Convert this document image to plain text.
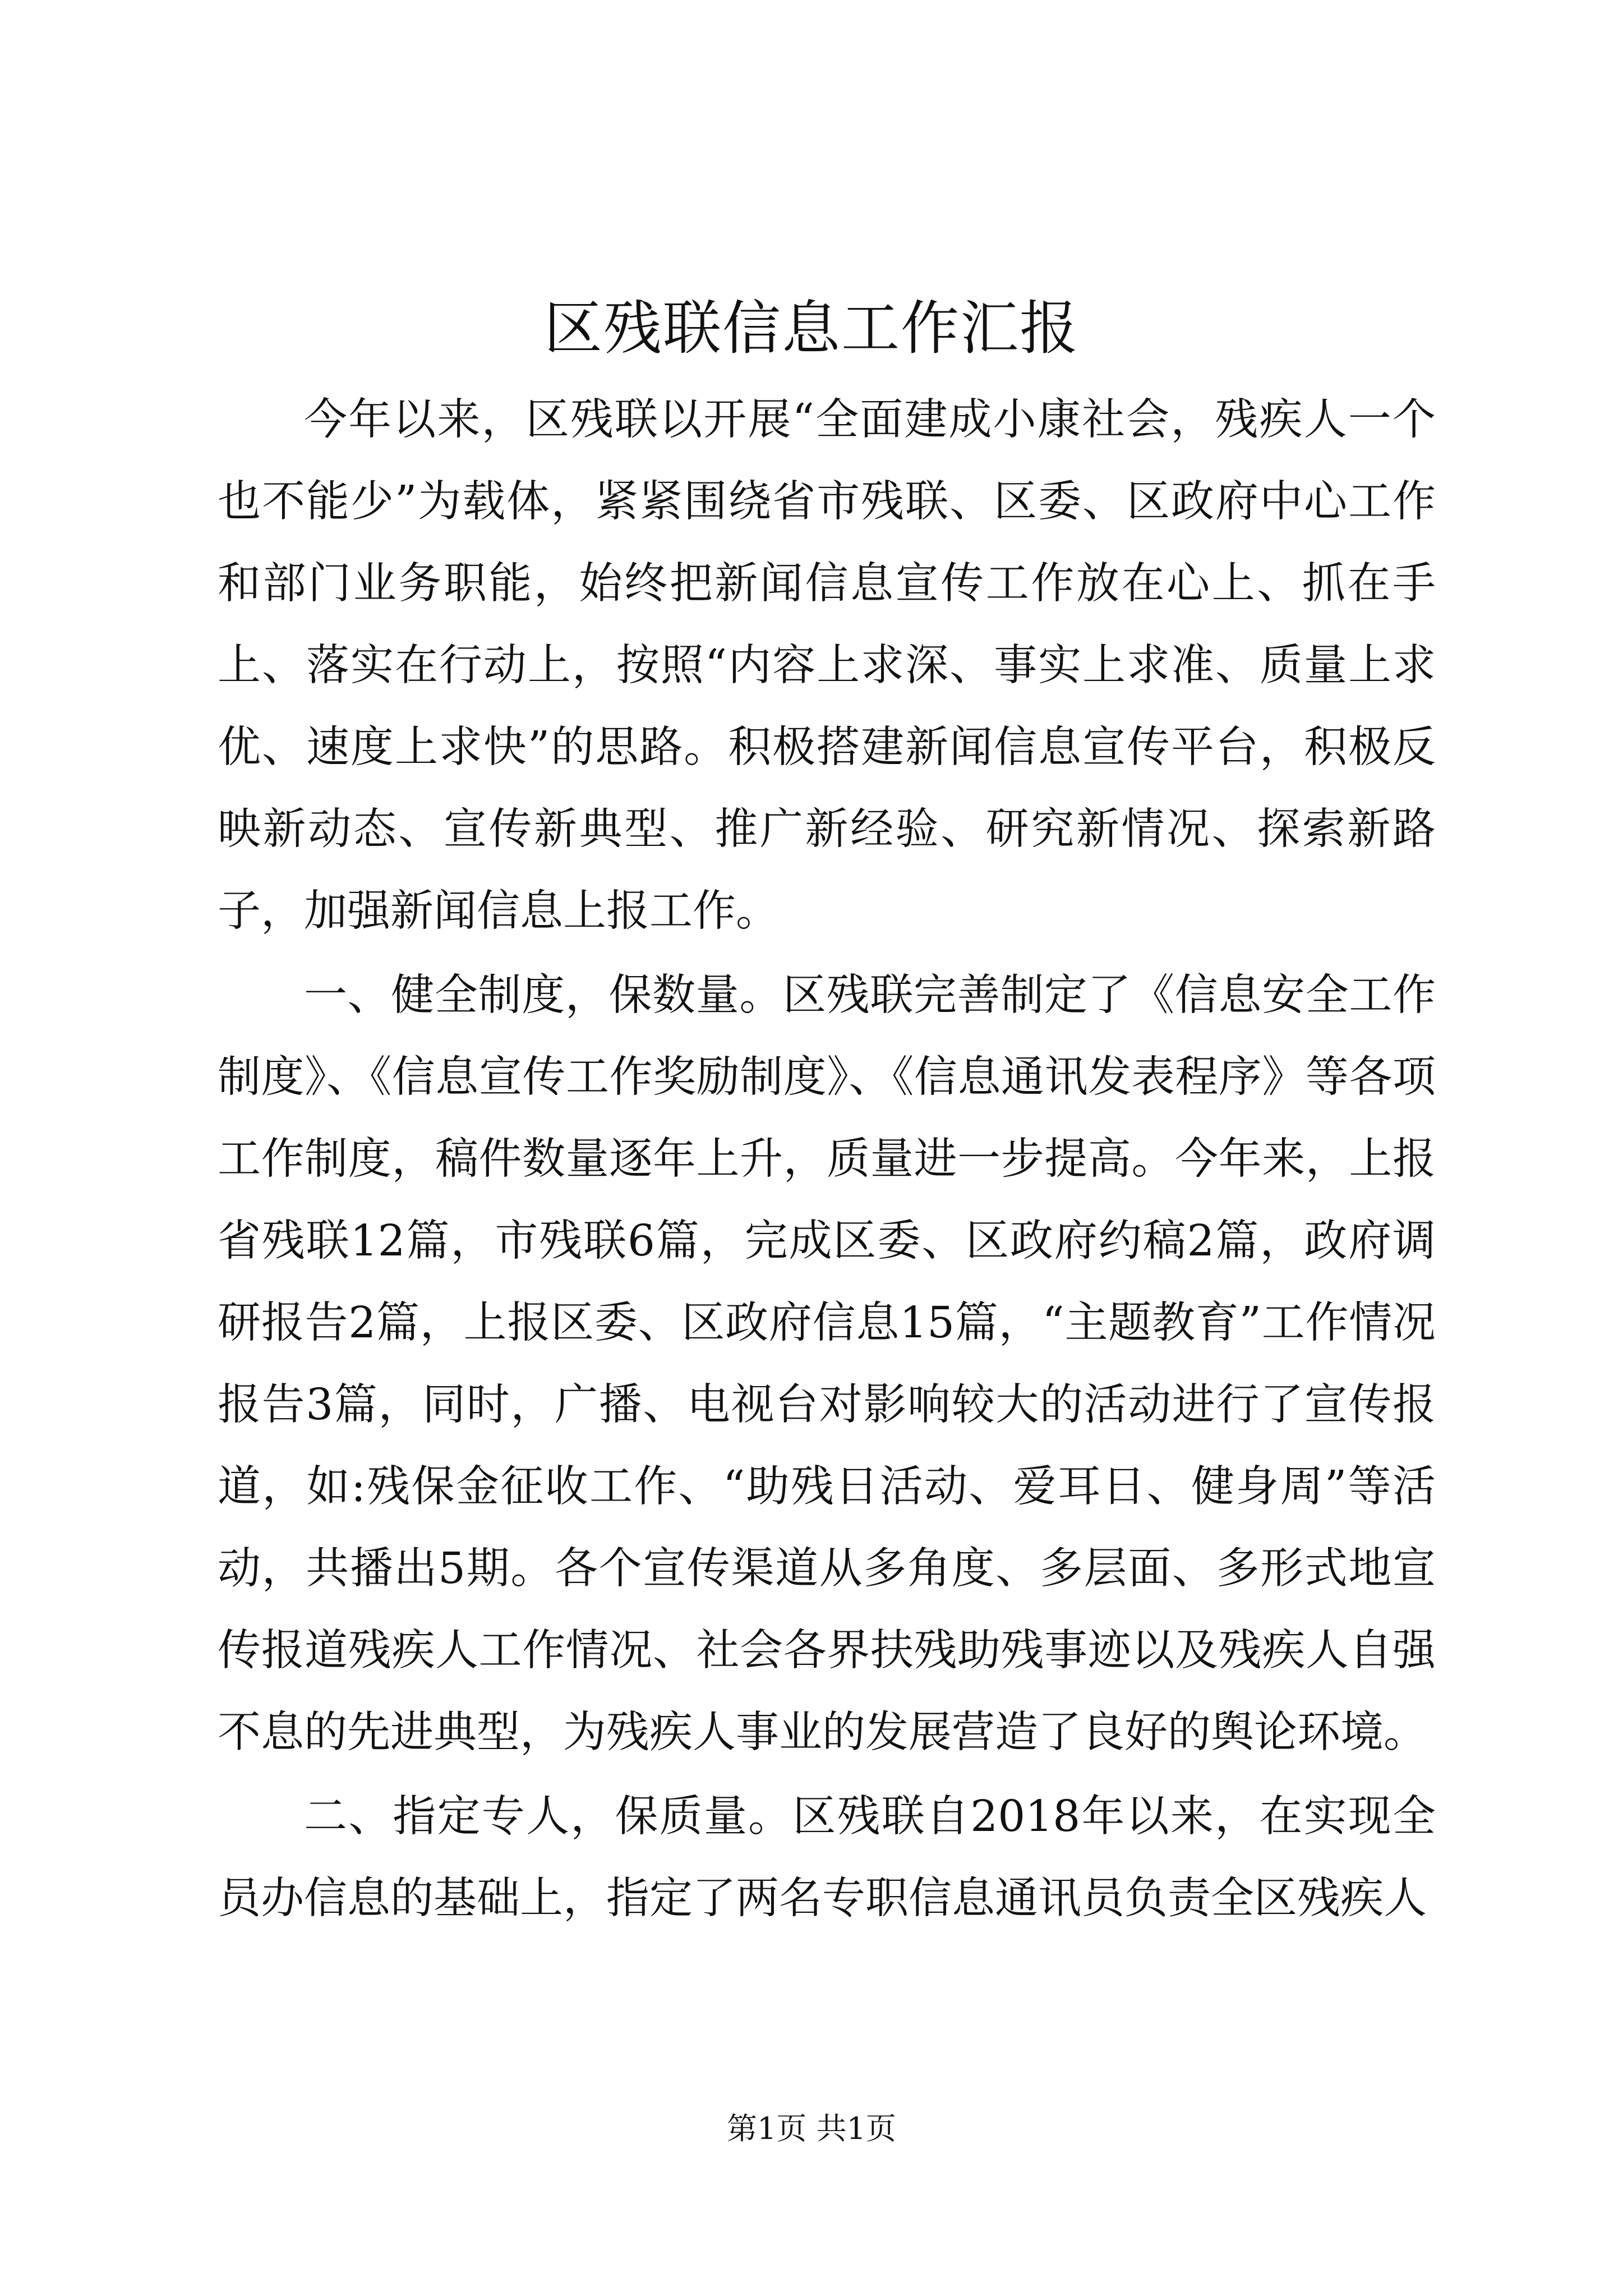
区残联信息工作汇报

今年以来，区残联以开展“全面建成小康社会，残疾人一个也不能少”为载体，紧紧围绕省市残联、区委、区政府中心工作和部门业务职能，始终把新闻信息宣传工作放在心上、抓在手上、落实在行动上，按照“内容上求深、事实上求准、质量上求优、速度上求快”的思路。积极搭建新闻信息宣传平台，积极反映新动态、宣传新典型、推广新经验、研究新情况、探索新路子，加强新闻信息上报工作。

一、健全制度，保数量。区残联完善制定了《信息安全工作制度》、《信息宣传工作奖励制度》、《信息通讯发表程序》等各项工作制度，稿件数量逐年上升，质量进一步提高。今年来，上报省残联12篇，市残联6篇，完成区委、区政府约稿2篇，政府调研报告2篇，上报区委、区政府信息15篇，“主题教育”工作情况报告3篇，同时，广播、电视台对影响较大的活动进行了宣传报道，如:残保金征收工作、“助残日活动、爱耳日、健身周”等活动，共播出5期。各个宣传渠道从多角度、多层面、多形式地宣传报道残疾人工作情况、社会各界扶残助残事迹以及残疾人自强不息的先进典型，为残疾人事业的发展营造了良好的舆论环境。

二、指定专人，保质量。区残联自2018年以来，在实现全员办信息的基础上，指定了两名专职信息通讯员负责全区残疾人

第1页 共1页
